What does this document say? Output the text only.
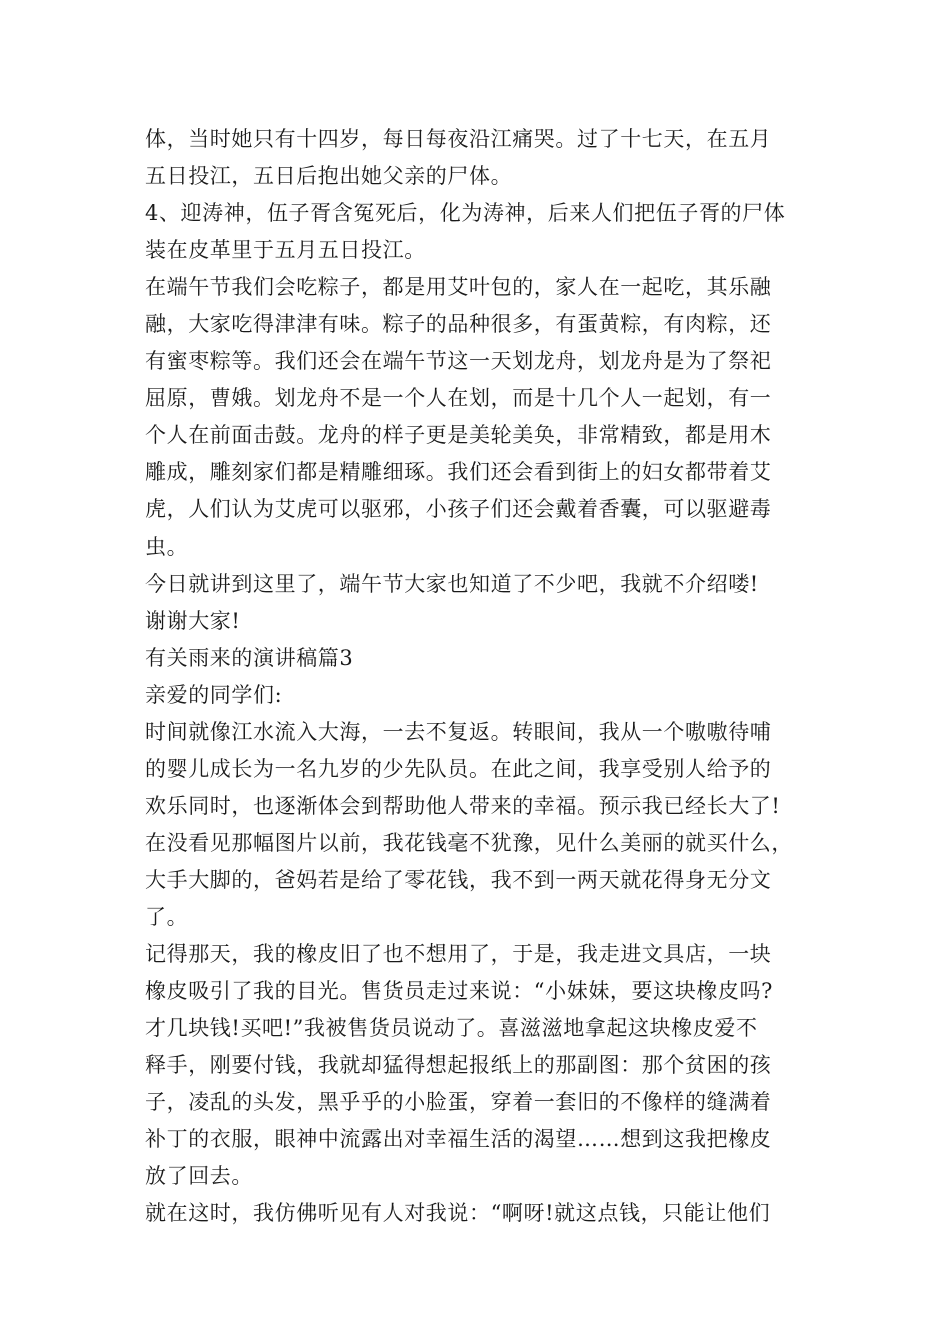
体，当时她只有十四岁，每日每夜沿江痛哭。过了十七天，在五月
五日投江，五日后抱出她父亲的尸体。
4、迎涛神，伍子胥含冤死后，化为涛神，后来人们把伍子胥的尸体
装在皮革里于五月五日投江。
在端午节我们会吃粽子，都是用艾叶包的，家人在一起吃，其乐融
融，大家吃得津津有味。粽子的品种很多，有蛋黄粽，有肉粽，还
有蜜枣粽等。我们还会在端午节这一天划龙舟，划龙舟是为了祭祀
屈原，曹娥。划龙舟不是一个人在划，而是十几个人一起划，有一
个人在前面击鼓。龙舟的样子更是美轮美奂，非常精致，都是用木
雕成，雕刻家们都是精雕细琢。我们还会看到街上的妇女都带着艾
虎，人们认为艾虎可以驱邪，小孩子们还会戴着香囊，可以驱避毒
虫。
今日就讲到这里了，端午节大家也知道了不少吧，我就不介绍喽!
谢谢大家!
有关雨来的演讲稿篇3
亲爱的同学们:
时间就像江水流入大海，一去不复返。转眼间，我从一个嗷嗷待哺
的婴儿成长为一名九岁的少先队员。在此之间，我享受别人给予的
欢乐同时，也逐渐体会到帮助他人带来的幸福。预示我已经长大了!
在没看见那幅图片以前，我花钱毫不犹豫，见什么美丽的就买什么，
大手大脚的，爸妈若是给了零花钱，我不到一两天就花得身无分文
了。
记得那天，我的橡皮旧了也不想用了，于是，我走进文具店，一块
橡皮吸引了我的目光。售货员走过来说：“小妹妹，要这块橡皮吗?
才几块钱!买吧!”我被售货员说动了。喜滋滋地拿起这块橡皮爱不
释手，刚要付钱，我就却猛得想起报纸上的那副图：那个贫困的孩
子，凌乱的头发，黑乎乎的小脸蛋，穿着一套旧的不像样的缝满着
补丁的衣服，眼神中流露出对幸福生活的渴望……想到这我把橡皮
放了回去。
就在这时，我仿佛听见有人对我说：“啊呀!就这点钱，只能让他们
